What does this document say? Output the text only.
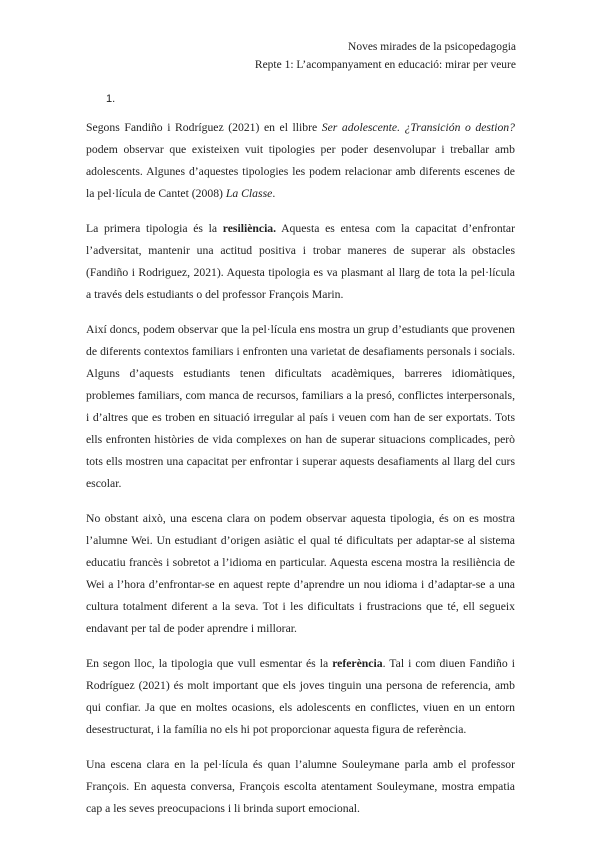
Noves mirades de la psicopedagogia
Repte 1: L’acompanyament en educació: mirar per veure
1.

Segons Fandiño i Rodríguez (2021) en el llibre Ser adolescente. ¿Transición o destion? podem observar que existeixen vuit tipologies per poder desenvolupar i treballar amb adolescents. Algunes d’aquestes tipologies les podem relacionar amb diferents escenes de la pel·lícula de Cantet (2008) La Classe.

La primera tipologia és la resiliència. Aquesta es entesa com la capacitat d’enfrontar l’adversitat, mantenir una actitud positiva i trobar maneres de superar als obstacles (Fandiño i Rodriguez, 2021). Aquesta tipologia es va plasmant al llarg de tota la pel·lícula a través dels estudiants o del professor François Marin.

Així doncs, podem observar que la pel·lícula ens mostra un grup d’estudiants que provenen de diferents contextos familiars i enfronten una varietat de desafiaments personals i socials. Alguns d’aquests estudiants tenen dificultats acadèmiques, barreres idiomàtiques, problemes familiars, com manca de recursos, familiars a la presó, conflictes interpersonals, i d’altres que es troben en situació irregular al país i veuen com han de ser exportats. Tots ells enfronten històries de vida complexes on han de superar situacions complicades, però tots ells mostren una capacitat per enfrontar i superar aquests desafiaments al llarg del curs escolar.

No obstant això, una escena clara on podem observar aquesta tipologia, és on es mostra l’alumne Wei. Un estudiant d’origen asiàtic el qual té dificultats per adaptar-se al sistema educatiu francès i sobretot a l’idioma en particular. Aquesta escena mostra la resiliència de Wei a l’hora d’enfrontar-se en aquest repte d’aprendre un nou idioma i d’adaptar-se a una cultura totalment diferent a la seva. Tot i les dificultats i frustracions que té, ell segueix endavant per tal de poder aprendre i millorar.

En segon lloc, la tipologia que vull esmentar és la referència. Tal i com diuen Fandiño i Rodríguez (2021) és molt important que els joves tinguin una persona de referencia, amb qui confiar. Ja que en moltes ocasions, els adolescents en conflictes, viuen en un entorn desestructurat, i la família no els hi pot proporcionar aquesta figura de referència.

Una escena clara en la pel·lícula és quan l’alumne Souleymane parla amb el professor François. En aquesta conversa, François escolta atentament Souleymane, mostra empatia cap a les seves preocupacions i li brinda suport emocional.
